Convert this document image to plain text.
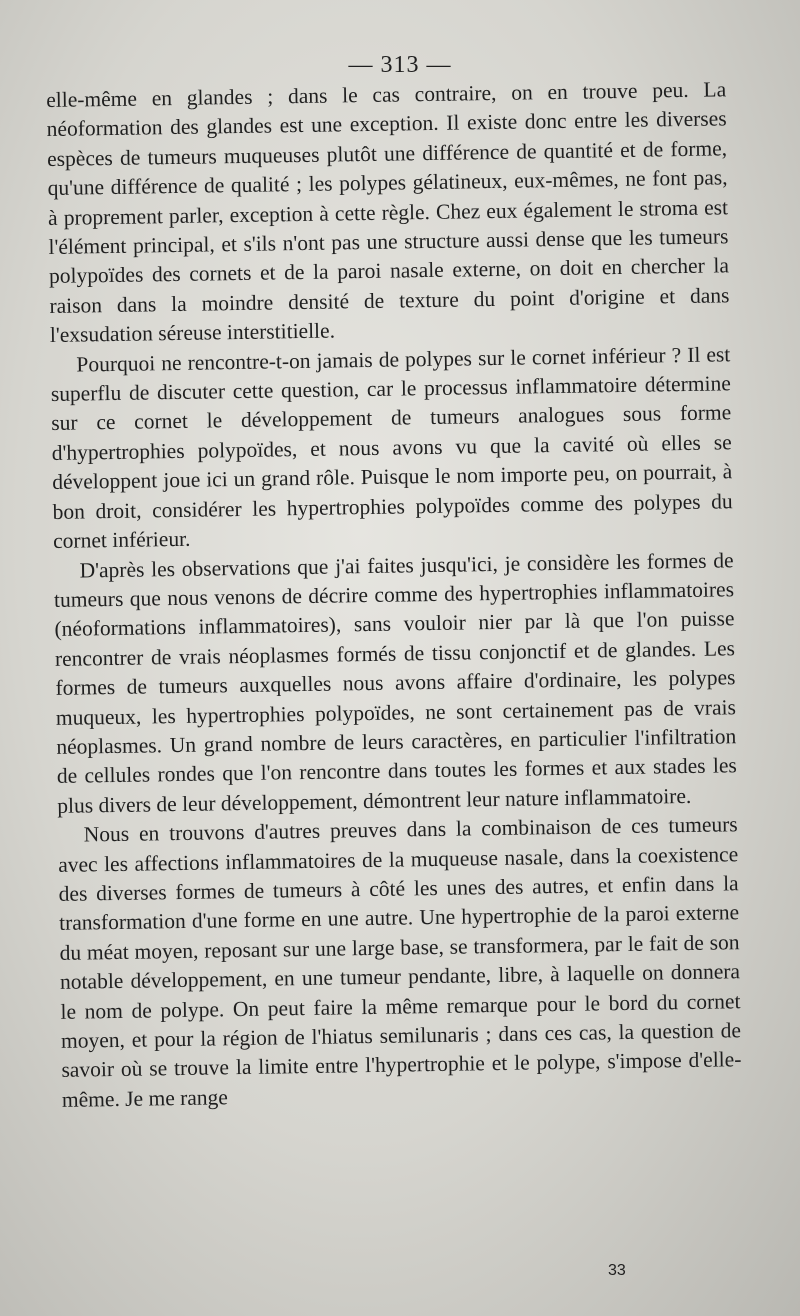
— 313 —

elle-même en glandes ; dans le cas contraire, on en trouve peu. La néoformation des glandes est une exception. Il existe donc entre les diverses espèces de tumeurs muqueuses plutôt une différence de quantité et de forme, qu'une différence de qualité ; les polypes gélatineux, eux-mêmes, ne font pas, à proprement parler, exception à cette règle. Chez eux également le stroma est l'élément principal, et s'ils n'ont pas une structure aussi dense que les tumeurs polypoïdes des cornets et de la paroi nasale externe, on doit en chercher la raison dans la moindre densité de texture du point d'origine et dans l'exsudation séreuse interstitielle.

Pourquoi ne rencontre-t-on jamais de polypes sur le cornet inférieur ? Il est superflu de discuter cette question, car le processus inflammatoire détermine sur ce cornet le développement de tumeurs analogues sous forme d'hypertrophies polypoïdes, et nous avons vu que la cavité où elles se développent joue ici un grand rôle. Puisque le nom importe peu, on pourrait, à bon droit, considérer les hypertrophies polypoïdes comme des polypes du cornet inférieur.

D'après les observations que j'ai faites jusqu'ici, je considère les formes de tumeurs que nous venons de décrire comme des hypertrophies inflammatoires (néoformations inflammatoires), sans vouloir nier par là que l'on puisse rencontrer de vrais néoplasmes formés de tissu conjonctif et de glandes. Les formes de tumeurs auxquelles nous avons affaire d'ordinaire, les polypes muqueux, les hypertrophies polypoïdes, ne sont certainement pas de vrais néoplasmes. Un grand nombre de leurs caractères, en particulier l'infiltration de cellules rondes que l'on rencontre dans toutes les formes et aux stades les plus divers de leur développement, démontrent leur nature inflammatoire.

Nous en trouvons d'autres preuves dans la combinaison de ces tumeurs avec les affections inflammatoires de la muqueuse nasale, dans la coexistence des diverses formes de tumeurs à côté les unes des autres, et enfin dans la transformation d'une forme en une autre. Une hypertrophie de la paroi externe du méat moyen, reposant sur une large base, se transformera, par le fait de son notable développement, en une tumeur pendante, libre, à laquelle on donnera le nom de polype. On peut faire la même remarque pour le bord du cornet moyen, et pour la région de l'hiatus semilunaris ; dans ces cas, la question de savoir où se trouve la limite entre l'hypertrophie et le polype, s'impose d'elle-même. Je me range

33
